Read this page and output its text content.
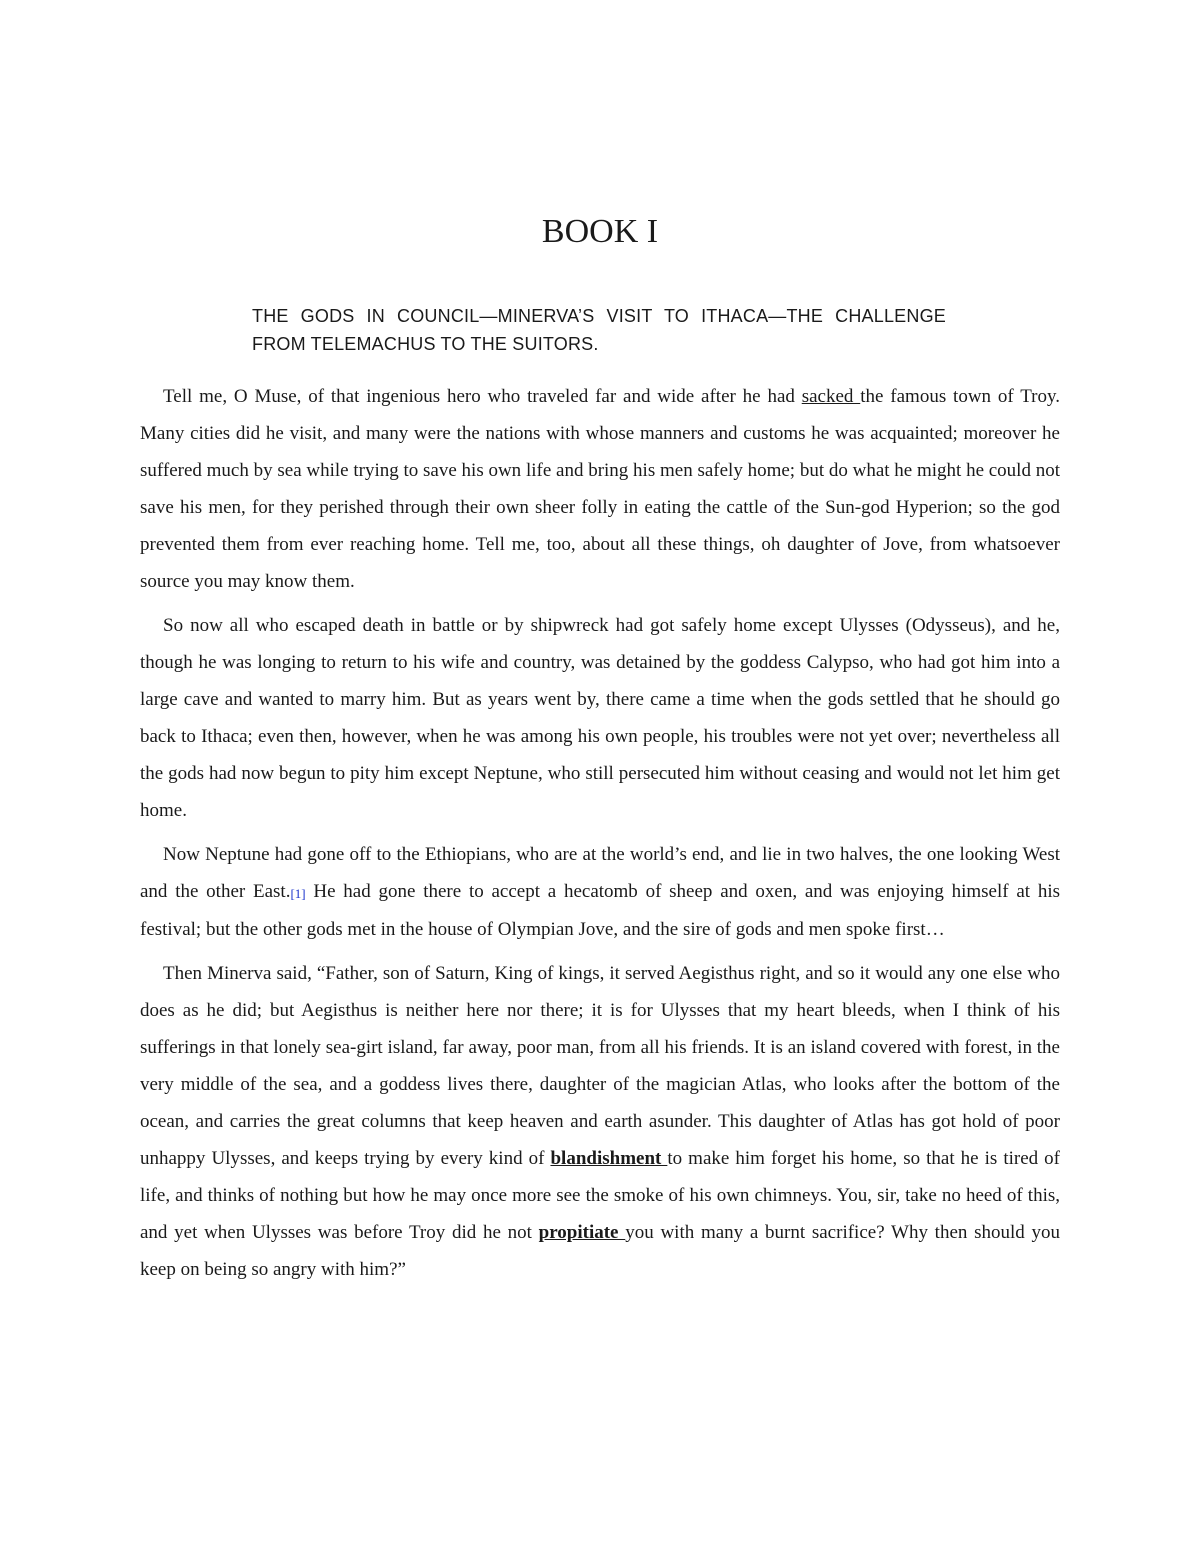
BOOK I

THE GODS IN COUNCIL—MINERVA’S VISIT TO ITHACA—THE CHALLENGE FROM TELEMACHUS TO THE SUITORS.

Tell me, O Muse, of that ingenious hero who traveled far and wide after he had sacked the famous town of Troy. Many cities did he visit, and many were the nations with whose manners and customs he was acquainted; moreover he suffered much by sea while trying to save his own life and bring his men safely home; but do what he might he could not save his men, for they perished through their own sheer folly in eating the cattle of the Sun-god Hyperion; so the god prevented them from ever reaching home. Tell me, too, about all these things, oh daughter of Jove, from whatsoever source you may know them.

So now all who escaped death in battle or by shipwreck had got safely home except Ulysses (Odysseus), and he, though he was longing to return to his wife and country, was detained by the goddess Calypso, who had got him into a large cave and wanted to marry him. But as years went by, there came a time when the gods settled that he should go back to Ithaca; even then, however, when he was among his own people, his troubles were not yet over; nevertheless all the gods had now begun to pity him except Neptune, who still persecuted him without ceasing and would not let him get home.

Now Neptune had gone off to the Ethiopians, who are at the world’s end, and lie in two halves, the one looking West and the other East.[1] He had gone there to accept a hecatomb of sheep and oxen, and was enjoying himself at his festival; but the other gods met in the house of Olympian Jove, and the sire of gods and men spoke first…

Then Minerva said, “Father, son of Saturn, King of kings, it served Aegisthus right, and so it would any one else who does as he did; but Aegisthus is neither here nor there; it is for Ulysses that my heart bleeds, when I think of his sufferings in that lonely sea-girt island, far away, poor man, from all his friends. It is an island covered with forest, in the very middle of the sea, and a goddess lives there, daughter of the magician Atlas, who looks after the bottom of the ocean, and carries the great columns that keep heaven and earth asunder. This daughter of Atlas has got hold of poor unhappy Ulysses, and keeps trying by every kind of blandishment to make him forget his home, so that he is tired of life, and thinks of nothing but how he may once more see the smoke of his own chimneys. You, sir, take no heed of this, and yet when Ulysses was before Troy did he not propitiate you with many a burnt sacrifice? Why then should you keep on being so angry with him?”
